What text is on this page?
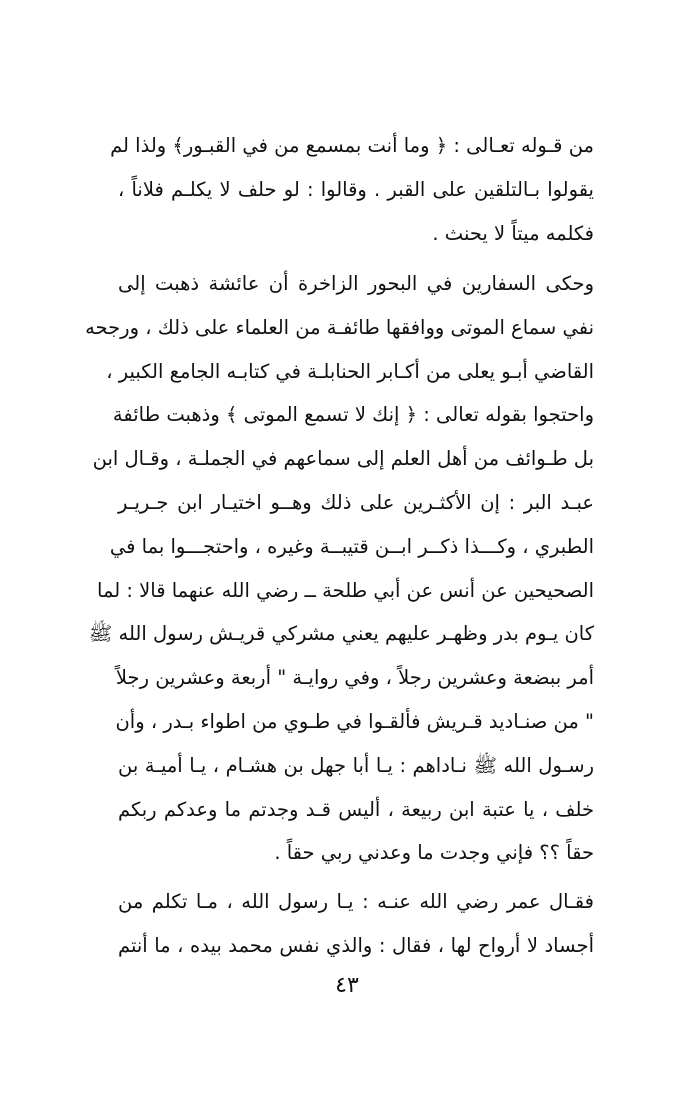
من قـوله تعـالى : ﴿ وما أنت بمسمع من في القبـور﴾ ولذا لم
يقولوا بـالتلقين على القبر . وقالوا : لو حلف لا يكلـم فلاناً ،
فكلمه ميتاً لا يحنث .
وحكى السفارين في البحور الزاخرة أن عائشة ذهبت إلى
نفي سماع الموتى ووافقها طائفـة من العلماء على ذلك ، ورجحه
القاضي أبـو يعلى من أكـابر الحنابلـة في كتابـه الجامع الكبير ،
واحتجوا بقوله تعالى : ﴿ إنك لا تسمع الموتى ﴾ وذهبت طائفة
بل طـوائف من أهل العلم إلى سماعهم في الجملـة ، وقـال ابن
عبـد البر : إن الأكثـرين على ذلك وهــو اختيـار ابن جـريـر
الطبري ، وكـــذا ذكــر ابــن قتيبــة وغيره ، واحتجـــوا بما في
الصحيحين عن أنس عن أبي طلحة ــ رضي الله عنهما قالا : لما
كان يـوم بدر وظهـر عليهم يعني مشركي قريـش رسول الله ﷺ
أمر ببضعة وعشرين رجلاً ، وفي روايـة " أربعة وعشرين رجلاً
" من صنـاديد قـريش فألقـوا في طـوي من اطواء بـدر ، وأن
رسـول الله ﷺ نـاداهم : يـا أبا جهل بن هشـام ، يـا أميـة بن
خلف ، يا عتبة ابن ربيعة ، أليس قـد وجدتم ما وعدكم ربكم
حقاً ؟؟ فإني وجدت ما وعدني ربي حقاً .
فقـال عمر رضي الله عنـه : يـا رسول الله ، مـا تكلم من
أجساد لا أرواح لها ، فقال : والذي نفس محمد بيده ، ما أنتم
٤٣
